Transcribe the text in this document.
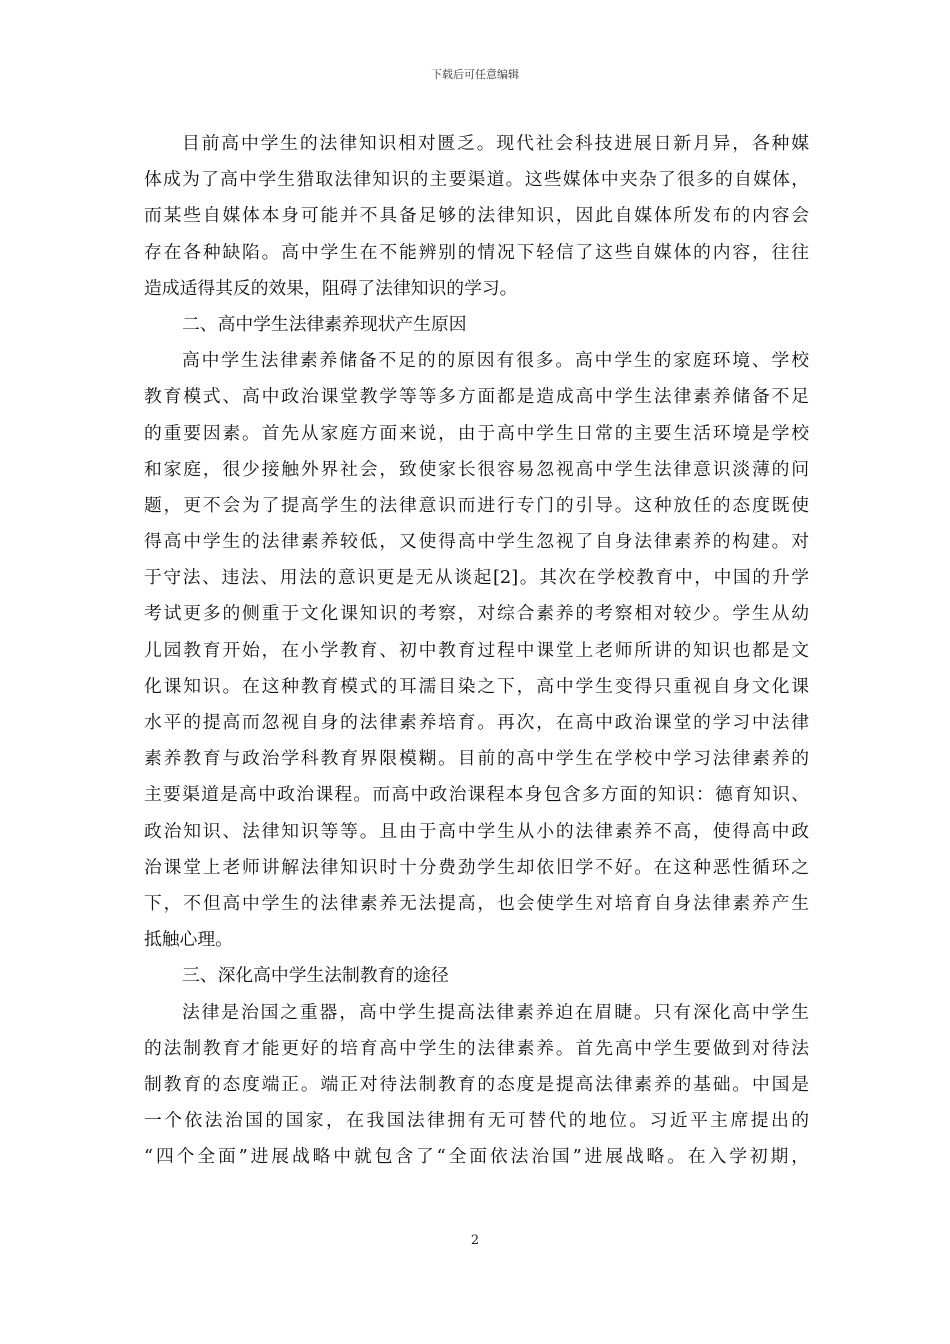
下载后可任意编辑
目前高中学生的法律知识相对匮乏。现代社会科技进展日新月异，各种媒
体成为了高中学生猎取法律知识的主要渠道。这些媒体中夹杂了很多的自媒体，
而某些自媒体本身可能并不具备足够的法律知识，因此自媒体所发布的内容会
存在各种缺陷。高中学生在不能辨别的情况下轻信了这些自媒体的内容，往往
造成适得其反的效果，阻碍了法律知识的学习。
二、高中学生法律素养现状产生原因
高中学生法律素养储备不足的的原因有很多。高中学生的家庭环境、学校
教育模式、高中政治课堂教学等等多方面都是造成高中学生法律素养储备不足
的重要因素。首先从家庭方面来说，由于高中学生日常的主要生活环境是学校
和家庭，很少接触外界社会，致使家长很容易忽视高中学生法律意识淡薄的问
题，更不会为了提高学生的法律意识而进行专门的引导。这种放任的态度既使
得高中学生的法律素养较低，又使得高中学生忽视了自身法律素养的构建。对
于守法、违法、用法的意识更是无从谈起[2]。其次在学校教育中，中国的升学
考试更多的侧重于文化课知识的考察，对综合素养的考察相对较少。学生从幼
儿园教育开始，在小学教育、初中教育过程中课堂上老师所讲的知识也都是文
化课知识。在这种教育模式的耳濡目染之下，高中学生变得只重视自身文化课
水平的提高而忽视自身的法律素养培育。再次，在高中政治课堂的学习中法律
素养教育与政治学科教育界限模糊。目前的高中学生在学校中学习法律素养的
主要渠道是高中政治课程。而高中政治课程本身包含多方面的知识：德育知识、
政治知识、法律知识等等。且由于高中学生从小的法律素养不高，使得高中政
治课堂上老师讲解法律知识时十分费劲学生却依旧学不好。在这种恶性循环之
下，不但高中学生的法律素养无法提高，也会使学生对培育自身法律素养产生
抵触心理。
三、深化高中学生法制教育的途径
法律是治国之重器，高中学生提高法律素养迫在眉睫。只有深化高中学生
的法制教育才能更好的培育高中学生的法律素养。首先高中学生要做到对待法
制教育的态度端正。端正对待法制教育的态度是提高法律素养的基础。中国是
一个依法治国的国家，在我国法律拥有无可替代的地位。习近平主席提出的
“四个全面”进展战略中就包含了“全面依法治国”进展战略。在入学初期，
2
